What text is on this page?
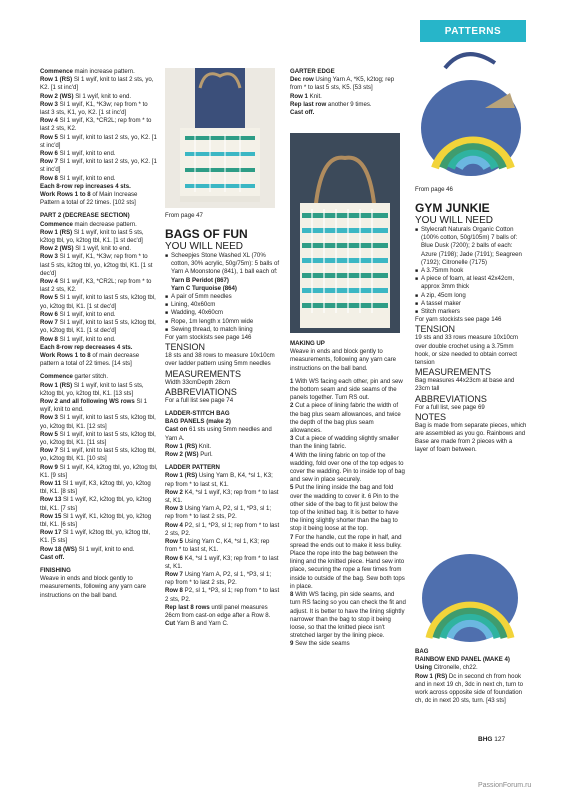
PATTERNS

Commence main increase pattern.

Row 1 (RS) Sl 1 wyif, knit to last 2 sts, yo, K2. [1 st inc'd]

Row 2 (WS) Sl 1 wyif, knit to end.

Row 3 Sl 1 wyif, K1, *K3w; rep from * to last 3 sts, K1, yo, K2. [1 st inc'd]

Row 4 Sl 1 wyif, K3, *CR2L; rep from * to last 2 sts, K2.

Row 5 Sl 1 wyif, knit to last 2 sts, yo, K2. [1 st inc'd]

Row 6 Sl 1 wyif, knit to end.

Row 7 Sl 1 wyif, knit to last 2 sts, yo, K2. [1 st inc'd]

Row 8 Sl 1 wyif, knit to end.

Each 8-row rep increases 4 sts.

Work Rows 1 to 8 of Main Increase Pattern a total of 22 times. [102 sts]

PART 2 (DECREASE SECTION)

Commence main decrease pattern.

Row 1 (RS) Sl 1 wyif, knit to last 5 sts, k2tog tbl, yo, k2tog tbl, K1. [1 st dec'd]

Row 2 (WS) Sl 1 wyif, knit to end.

Row 3 Sl 1 wyif, K1, *K3w; rep from * to last 5 sts, k2tog tbl, yo, k2tog tbl, K1. [1 st dec'd]

Row 4 Sl 1 wyif, K3, *CR2L; rep from * to last 2 sts, K2.

Row 5 Sl 1 wyif, knit to last 5 sts, k2tog tbl, yo, k2tog tbl, K1. [1 st dec'd]

Row 6 Sl 1 wyif, knit to end.

Row 7 Sl 1 wyif, knit to last 5 sts, k2tog tbl, yo, k2tog tbl, K1. [1 st dec'd]

Row 8 Sl 1 wyif, knit to end.

Each 8-row rep decreases 4 sts.

Work Rows 1 to 8 of main decrease pattern a total of 22 times. [14 sts]

Commence garter stitch.

Row 1 (RS) Sl 1 wyif, knit to last 5 sts, k2tog tbl, yo, k2tog tbl, K1. [13 sts]

Row 2 and all following WS rows Sl 1 wyif, knit to end.

Row 3 Sl 1 wyif, knit to last 5 sts, k2tog tbl, yo, k2tog tbl, K1. [12 sts]

Row 5 Sl 1 wyif, knit to last 5 sts, k2tog tbl, yo, k2tog tbl, K1. [11 sts]

Row 7 Sl 1 wyif, knit to last 5 sts, k2tog tbl, yo, k2tog tbl, K1. [10 sts]

Row 9 Sl 1 wyif, K4, k2tog tbl, yo, k2tog tbl, K1. [9 sts]

Row 11 Sl 1 wyif, K3, k2tog tbl, yo, k2tog tbl, K1. [8 sts]

Row 13 Sl 1 wyif, K2, k2tog tbl, yo, k2tog tbl, K1. [7 sts]

Row 15 Sl 1 wyif, K1, k2tog tbl, yo, k2tog tbl, K1. [6 sts]

Row 17 Sl 1 wyif, k2tog tbl, yo, k2tog tbl, K1. [5 sts]

Row 18 (WS) Sl 1 wyif, knit to end.

Cast off.

FINISHING

Weave in ends and block gently to measurements, following any yarn care instructions on the ball band.

From page 47

BAGS OF FUN

YOU WILL NEED

■ Scheepjes Stone Washed XL (70% cotton, 30% acrylic, 50g/75m): 5 balls of Yarn A Moonstone (841), 1 ball each of:

Yarn B Peridot (867)

Yarn C Turquoise (864)

■ A pair of 5mm needles

■ Lining, 40x60cm

■ Wadding, 40x60cm

■ Rope, 1m length x 10mm wide

■ Sewing thread, to match lining

For yarn stockists see page 146

TENSION

18 sts and 38 rows to measure 10x10cm over ladder pattern using 5mm needles

MEASUREMENTS

Width 33cmDepth 28cm

ABBREVIATIONS

For a full list see page 74

LADDER-STITCH BAG

BAG PANELS (make 2)

Cast on 61 sts using 5mm needles and Yarn A.

Row 1 (RS) Knit.

Row 2 (WS) Purl.

LADDER PATTERN

Row 1 (RS) Using Yarn B, K4, *sl 1, K3; rep from * to last st, K1.

Row 2 K4, *sl 1 wyif, K3; rep from * to last st, K1.

Row 3 Using Yarn A, P2, sl 1, *P3, sl 1; rep from * to last 2 sts, P2.

Row 4 P2, sl 1, *P3, sl 1; rep from * to last 2 sts, P2.

Row 5 Using Yarn C, K4, *sl 1, K3; rep from * to last st, K1.

Row 6 K4, *sl 1 wyif, K3; rep from * to last st, K1.

Row 7 Using Yarn A, P2, sl 1, *P3, sl 1; rep from * to last 2 sts, P2.

Row 8 P2, sl 1, *P3, sl 1; rep from * to last 2 sts, P2.

Rep last 8 rows until panel measures 26cm from cast-on edge after a Row 8.

Cut Yarn B and Yarn C.

GARTER EDGE

Dec row Using Yarn A, *K5, k2tog; rep from * to last 5 sts, K5. [53 sts]

Row 1 Knit.

Rep last row another 9 times.

Cast off.

MAKING UP

Weave in ends and block gently to measurements, following any yarn care instructions on the ball band.

1 With WS facing each other, pin and sew the bottom seam and side seams of the panels together. Turn RS out.

2 Cut a piece of lining fabric the width of the bag plus seam allowances, and twice the depth of the bag plus seam allowances.

3 Cut a piece of wadding slightly smaller than the lining fabric.

4 With the lining fabric on top of the wadding, fold over one of the top edges to cover the wadding. Pin to inside top of bag and sew in place securely.

5 Put the lining inside the bag and fold over the wadding to cover it. 6 Pin to the other side of the bag to fit just below the top of the knitted bag. It is better to have the lining slightly shorter than the bag to stop it being loose at the top.

7 For the handle, cut the rope in half, and spread the ends out to make it less bulky. Place the rope into the bag between the lining and the knitted piece. Hand sew into place, securing the rope a few times from inside to outside of the bag. Sew both tops in place.

8 With WS facing, pin side seams, and turn RS facing so you can check the fit and adjust. It is better to have the lining slightly narrower than the bag to stop it being loose, so that the knitted piece isn't stretched larger by the lining piece.

9 Sew the side seams

From page 46

GYM JUNKIE

YOU WILL NEED

■ Stylecraft Naturals Organic Cotton (100% cotton, 50g/105m) 7 balls of: Blue Dusk (7200); 2 balls of each: Azure (7198); Jade (7191); Seagreen (7192); Citronelle (7175)

■ A 3.75mm hook

■ A piece of foam, at least 42x42cm, approx 3mm thick

■ A zip, 45cm long

■ A tassel maker

■ Stitch markers

For yarn stockists see page 146

TENSION

19 sts and 33 rows measure 10x10cm over double crochet using a 3.75mm hook, or size needed to obtain correct tension

MEASUREMENTS

Bag measures 44x23cm at base and 23cm tall

ABBREVIATIONS

For a full list, see page 69

NOTES

Bag is made from separate pieces, which are assembled as you go. Rainbows and Base are made from 2 pieces with a layer of foam between.

BAG

RAINBOW END PANEL (MAKE 4)

Using Citronelle, ch22.

Row 1 (RS) Dc in second ch from hook and in next 19 ch, 3dc in next ch, turn to work across opposite side of foundation ch, dc in next 20 sts, turn. [43 sts]

BHG 127
PassionForum.ru
